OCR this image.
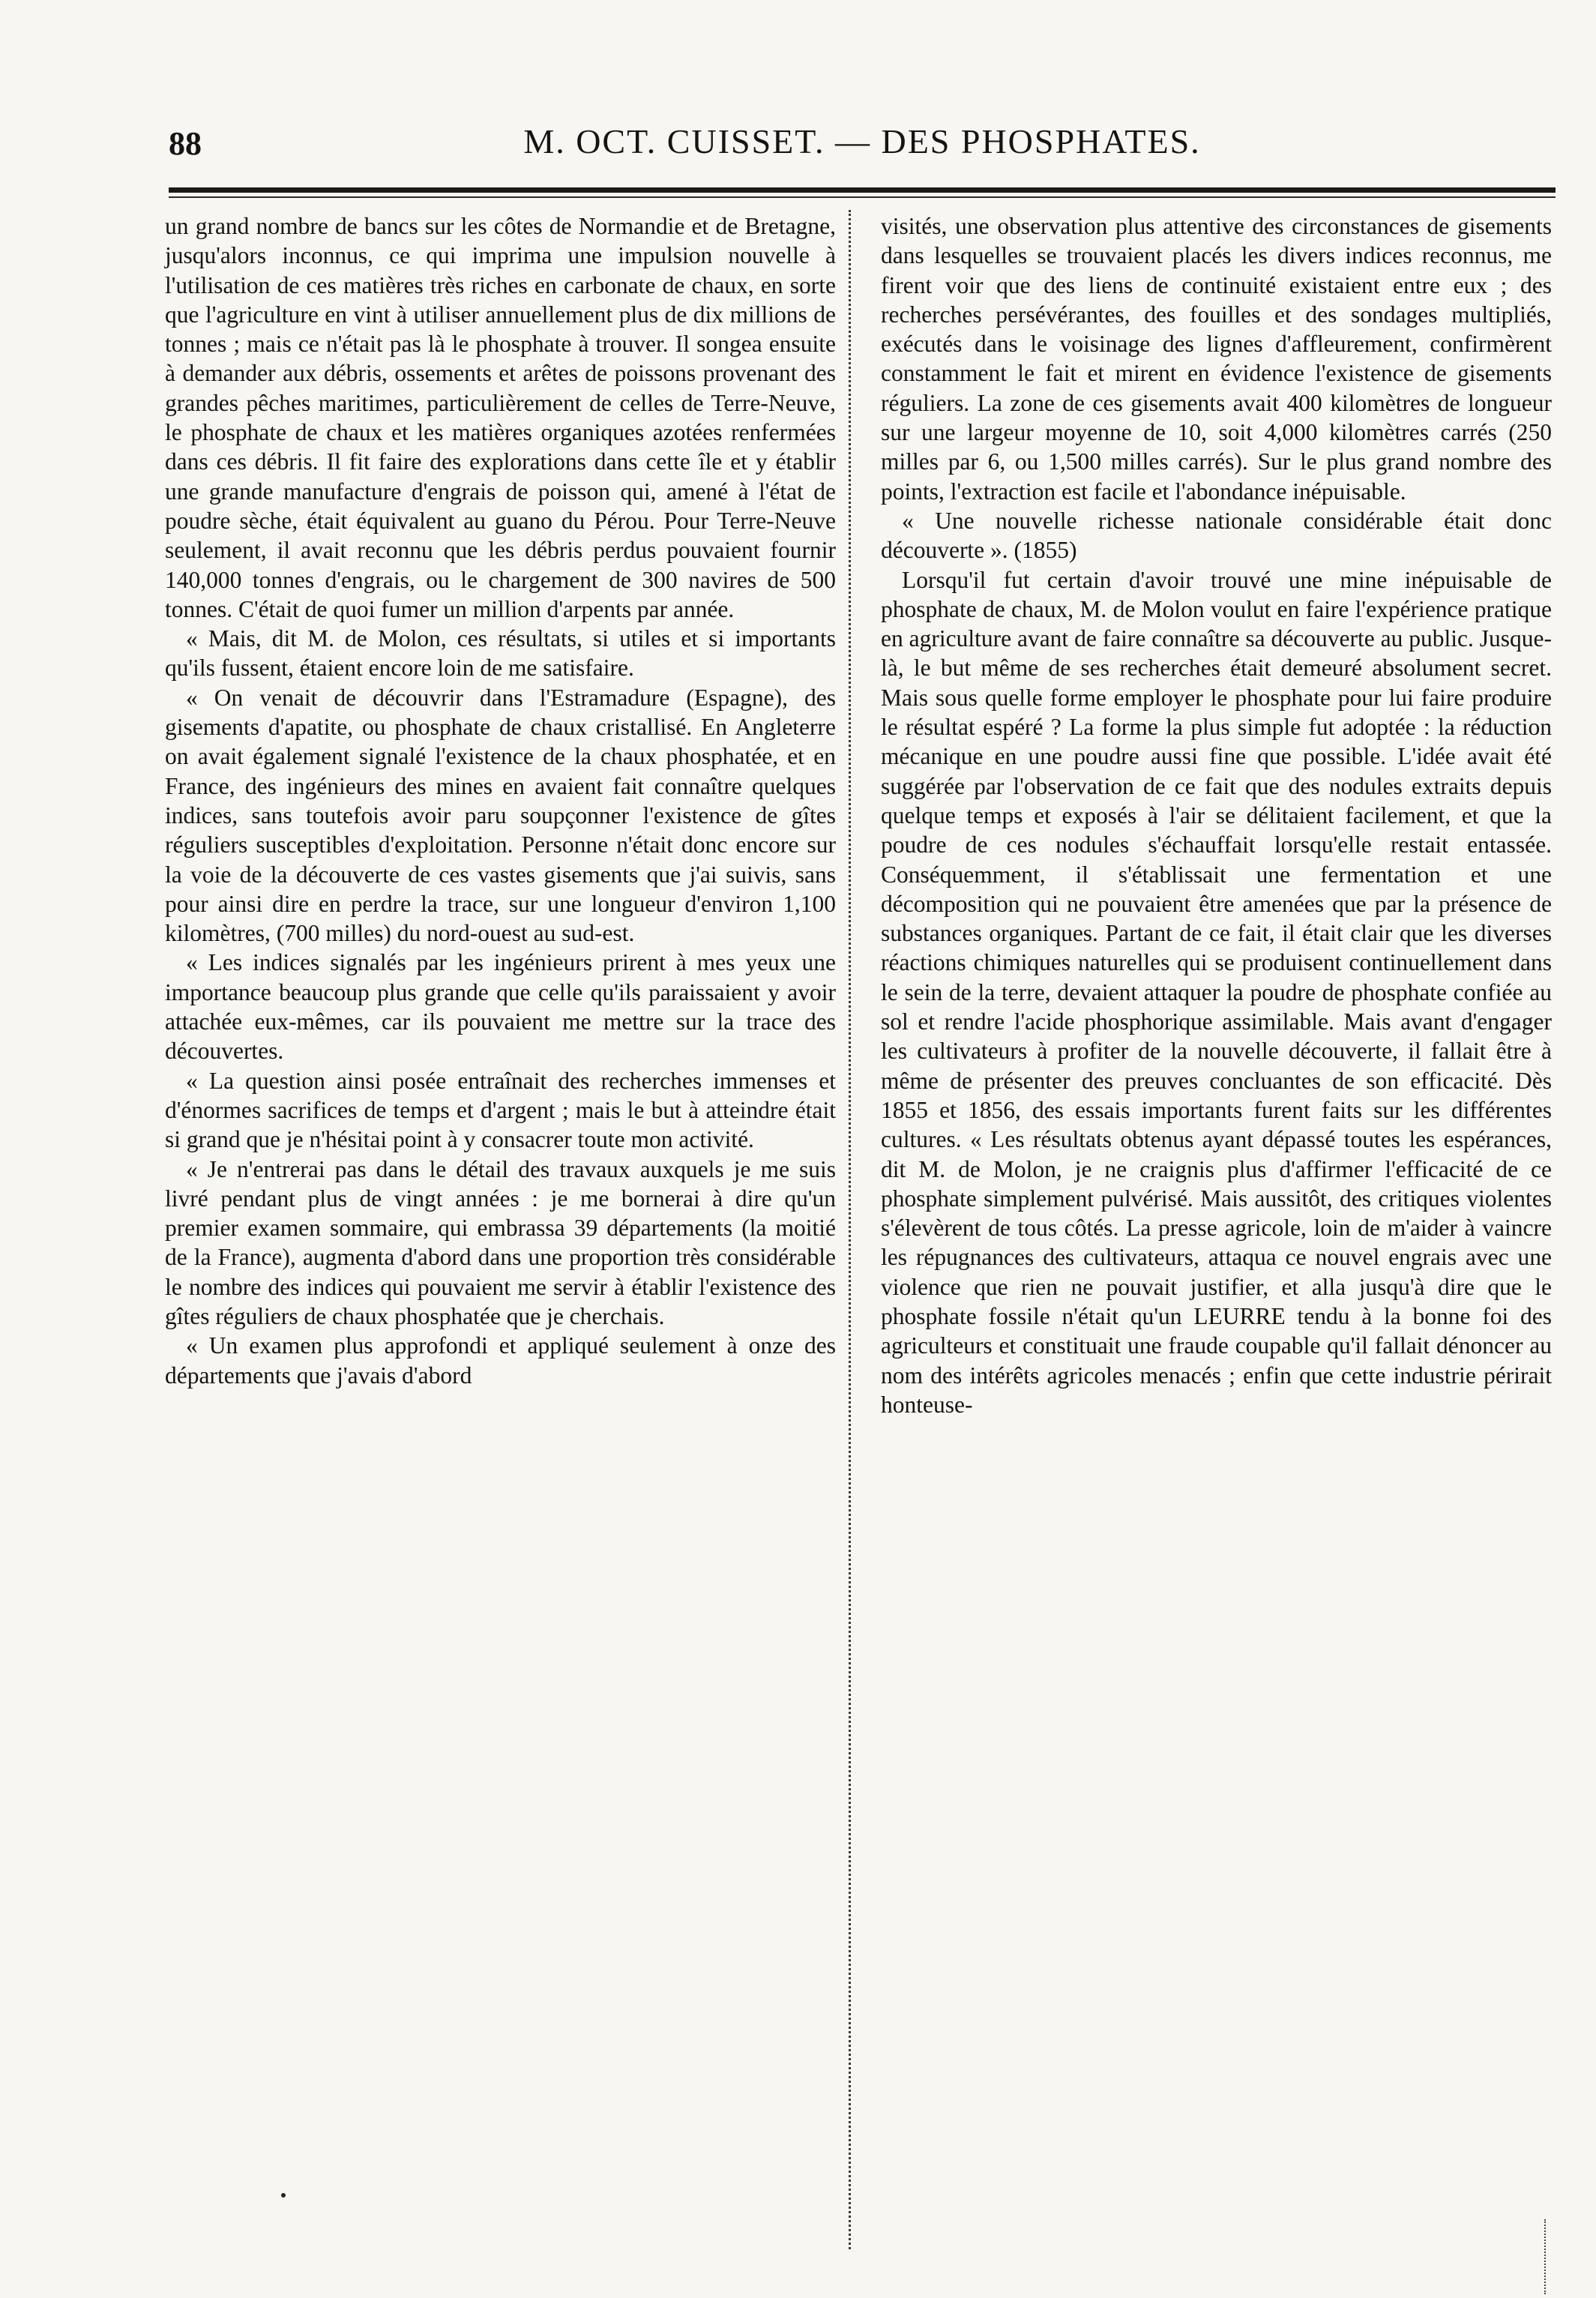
88	M. OCT. CUISSET. — DES PHOSPHATES.

un grand nombre de bancs sur les côtes de Normandie et de Bretagne, jusqu'alors inconnus, ce qui imprima une impulsion nouvelle à l'utilisation de ces matières très riches en carbonate de chaux, en sorte que l'agriculture en vint à utiliser annuellement plus de dix millions de tonnes ; mais ce n'était pas là le phosphate à trouver. Il songea ensuite à demander aux débris, ossements et arêtes de poissons provenant des grandes pêches maritimes, particulièrement de celles de Terre-Neuve, le phosphate de chaux et les matières organiques azotées renfermées dans ces débris. Il fit faire des explorations dans cette île et y établir une grande manufacture d'engrais de poisson qui, amené à l'état de poudre sèche, était équivalent au guano du Pérou. Pour Terre-Neuve seulement, il avait reconnu que les débris perdus pouvaient fournir 140,000 tonnes d'engrais, ou le chargement de 300 navires de 500 tonnes. C'était de quoi fumer un million d'arpents par année.

« Mais, dit M. de Molon, ces résultats, si utiles et si importants qu'ils fussent, étaient encore loin de me satisfaire.

« On venait de découvrir dans l'Estramadure (Espagne), des gisements d'apatite, ou phosphate de chaux cristallisé. En Angleterre on avait également signalé l'existence de la chaux phosphatée, et en France, des ingénieurs des mines en avaient fait connaître quelques indices, sans toutefois avoir paru soupçonner l'existence de gîtes réguliers susceptibles d'exploitation. Personne n'était donc encore sur la voie de la découverte de ces vastes gisements que j'ai suivis, sans pour ainsi dire en perdre la trace, sur une longueur d'environ 1,100 kilomètres, (700 milles) du nord-ouest au sud-est.

« Les indices signalés par les ingénieurs prirent à mes yeux une importance beaucoup plus grande que celle qu'ils paraissaient y avoir attachée eux-mêmes, car ils pouvaient me mettre sur la trace des découvertes.

« La question ainsi posée entraînait des recherches immenses et d'énormes sacrifices de temps et d'argent ; mais le but à atteindre était si grand que je n'hésitai point à y consacrer toute mon activité.

« Je n'entrerai pas dans le détail des travaux auxquels je me suis livré pendant plus de vingt années : je me bornerai à dire qu'un premier examen sommaire, qui embrassa 39 départements (la moitié de la France), augmenta d'abord dans une proportion très considérable le nombre des indices qui pouvaient me servir à établir l'existence des gîtes réguliers de chaux phosphatée que je cherchais.

« Un examen plus approfondi et appliqué seulement à onze des départements que j'avais d'abord

visités, une observation plus attentive des circonstances de gisements dans lesquelles se trouvaient placés les divers indices reconnus, me firent voir que des liens de continuité existaient entre eux ; des recherches persévérantes, des fouilles et des sondages multipliés, exécutés dans le voisinage des lignes d'affleurement, confirmèrent constamment le fait et mirent en évidence l'existence de gisements réguliers. La zone de ces gisements avait 400 kilomètres de longueur sur une largeur moyenne de 10, soit 4,000 kilomètres carrés (250 milles par 6, ou 1,500 milles carrés). Sur le plus grand nombre des points, l'extraction est facile et l'abondance inépuisable.

« Une nouvelle richesse nationale considérable était donc découverte ». (1855)

Lorsqu'il fut certain d'avoir trouvé une mine inépuisable de phosphate de chaux, M. de Molon voulut en faire l'expérience pratique en agriculture avant de faire connaître sa découverte au public. Jusque-là, le but même de ses recherches était demeuré absolument secret. Mais sous quelle forme employer le phosphate pour lui faire produire le résultat espéré ? La forme la plus simple fut adoptée : la réduction mécanique en une poudre aussi fine que possible. L'idée avait été suggérée par l'observation de ce fait que des nodules extraits depuis quelque temps et exposés à l'air se délitaient facilement, et que la poudre de ces nodules s'échauffait lorsqu'elle restait entassée. Conséquemment, il s'établissait une fermentation et une décomposition qui ne pouvaient être amenées que par la présence de substances organiques. Partant de ce fait, il était clair que les diverses réactions chimiques naturelles qui se produisent continuellement dans le sein de la terre, devaient attaquer la poudre de phosphate confiée au sol et rendre l'acide phosphorique assimilable. Mais avant d'engager les cultivateurs à profiter de la nouvelle découverte, il fallait être à même de présenter des preuves concluantes de son efficacité. Dès 1855 et 1856, des essais importants furent faits sur les différentes cultures. « Les résultats obtenus ayant dépassé toutes les espérances, dit M. de Molon, je ne craignis plus d'affirmer l'efficacité de ce phosphate simplement pulvérisé. Mais aussitôt, des critiques violentes s'élevèrent de tous côtés. La presse agricole, loin de m'aider à vaincre les répugnances des cultivateurs, attaqua ce nouvel engrais avec une violence que rien ne pouvait justifier, et alla jusqu'à dire que le phosphate fossile n'était qu'un LEURRE tendu à la bonne foi des agriculteurs et constituait une fraude coupable qu'il fallait dénoncer au nom des intérêts agricoles menacés ; enfin que cette industrie périrait honteuse-
